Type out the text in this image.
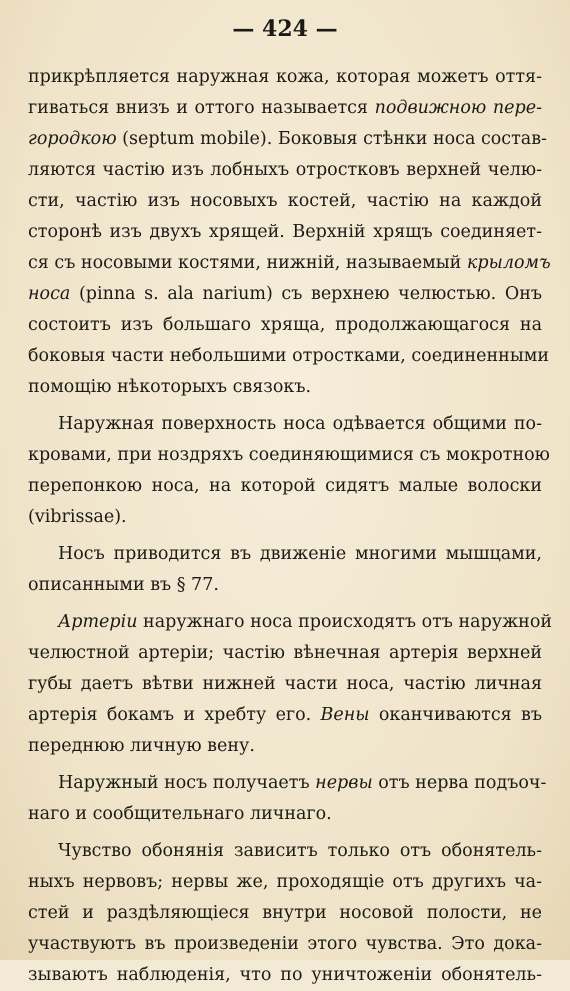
— 424 —
прикрѣпляется наружная кожа, которая можетъ оття-
гиваться внизъ и оттого называется подвижною пере-
городкою (septum mobile). Боковыя стѣнки носа состав-
ляются частію изъ лобныхъ отростковъ верхней челю-
сти, частію изъ носовыхъ костей, частію на каждой
сторонѣ изъ двухъ хрящей. Верхній хрящъ соединяет-
ся съ носовыми костями, нижній, называемый крыломъ
носа (pinna s. ala narium) съ верхнею челюстью. Онъ
состоитъ изъ большаго хряща, продолжающагося на
боковыя части небольшими отростками, соединенными
помощію нѣкоторыхъ связокъ.
Наружная поверхность носа одѣвается общими по-
кровами, при ноздряхъ соединяющимися съ мокротною
перепонкою носа, на которой сидятъ малые волоски
(vibrissae).
Носъ приводится въ движеніе многими мышцами,
описанными въ § 77.
Артеріи наружнаго носа происходятъ отъ наружной
челюстной артеріи; частію вѣнечная артерія верхней
губы даетъ вѣтви нижней части носа, частію личная
артерія бокамъ и хребту его. Вены оканчиваются въ
переднюю личную вену.
Наружный носъ получаетъ нервы отъ нерва подъоч-
наго и сообщительнаго личнаго.
Чувство обонянія зависитъ только отъ обонятель-
ныхъ нервовъ; нервы же, проходящіе отъ другихъ ча-
стей и раздѣляющіеся внутри носовой полости, не
участвуютъ въ произведеніи этого чувства. Это дока-
зываютъ наблюденія, что по уничтоженіи обонятель-
